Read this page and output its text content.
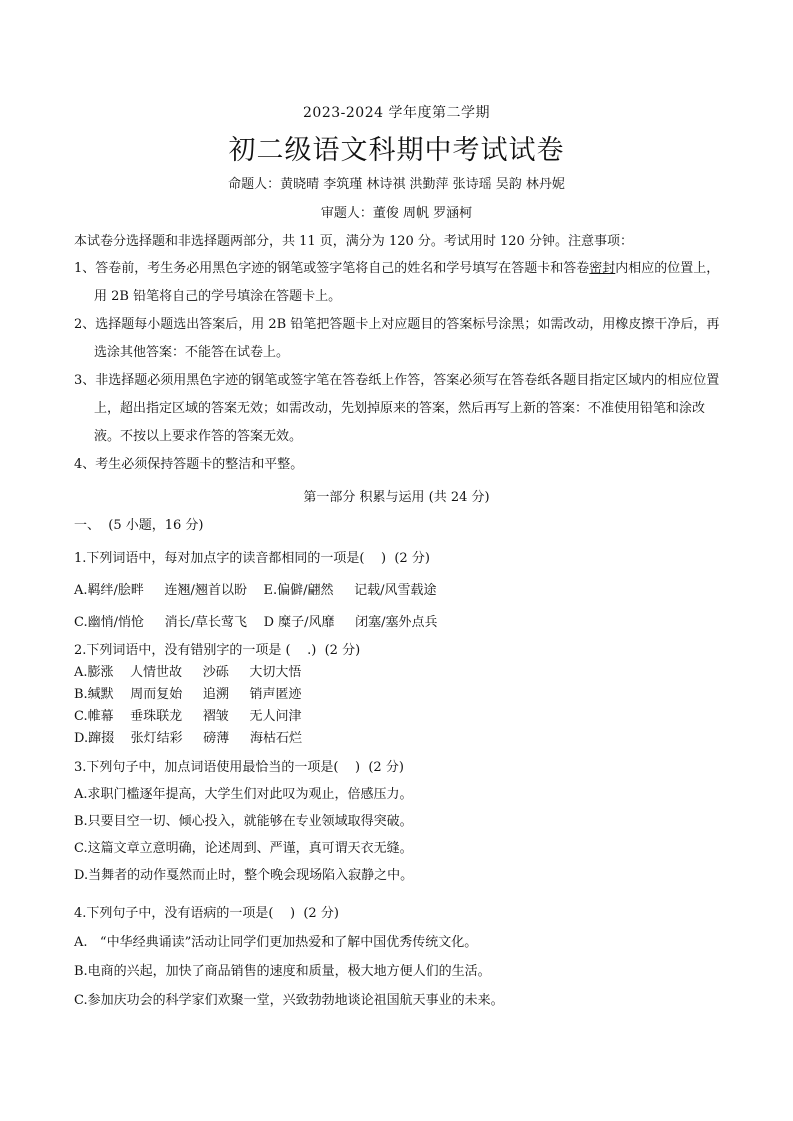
2023-2024 学年度第二学期
初二级语文科期中考试试卷
命题人：黄晓晴 李筑瑾 林诗祺 洪勤萍 张诗瑶 吴韵 林丹妮
审题人：董俊 周帆 罗涵柯
本试卷分选择题和非选择题两部分，共 11 页，满分为 120 分。考试用时 120 分钟。注意事项：

1、答卷前，考生务必用黑色字迹的钢笔或签字笔将自己的姓名和学号填写在答题卡和答卷密封内相应的位置上，用 2B 铅笔将自己的学号填涂在答题卡上。

2、选择题每小题选出答案后，用 2B 铅笔把答题卡上对应题目的答案标号涂黑；如需改动，用橡皮擦干净后，再选涂其他答案：不能答在试卷上。

3、非选择题必须用黑色字迹的钢笔或签字笔在答卷纸上作答，答案必须写在答卷纸各题目指定区域内的相应位置上，超出指定区域的答案无效；如需改动，先划掉原来的答案，然后再写上新的答案：不准使用铅笔和涂改液。不按以上要求作答的答案无效。

4、考生必须保持答题卡的整洁和平整。

第一部分 积累与运用 (共 24 分)

一、  (5 小题，16 分)

1.下列词语中，每对加点字的读音都相同的一项是(    )  (2 分)

A.羁绊/脍畔     连翘/翘首以盼    E.偏僻/翩然     记载/风雪载途

C.幽悄/悄怆     消长/草长莺飞    D 糜子/风靡     闭塞/塞外点兵

2.下列词语中，没有错别字的一项是 (    .)  (2 分)

A.膨涨    人情世故     沙砾     大切大悟

B.缄默    周而复始     追溯     销声匿迹

C.帷幕    垂珠联龙     褶皱     无人问津

D.蹿掇    张灯结彩     磅薄     海枯石烂

3.下列句子中，加点词语使用最恰当的一项是(    )  (2 分)

A.求职门槛逐年提高，大学生们对此叹为观止，倍感压力。

B.只要目空一切、倾心投入，就能够在专业领域取得突破。

C.这篇文章立意明确，论述周到、严谨，真可谓天衣无缝。

D.当舞者的动作戛然而止时，整个晚会现场陷入寂静之中。

4.下列句子中，没有语病的一项是(    )  (2 分)

A.   “中华经典诵读”活动让同学们更加热爱和了解中国优秀传统文化。

B.电商的兴起，加快了商品销售的速度和质量，极大地方便人们的生活。

C.参加庆功会的科学家们欢聚一堂，兴致勃勃地谈论祖国航天事业的未来。
